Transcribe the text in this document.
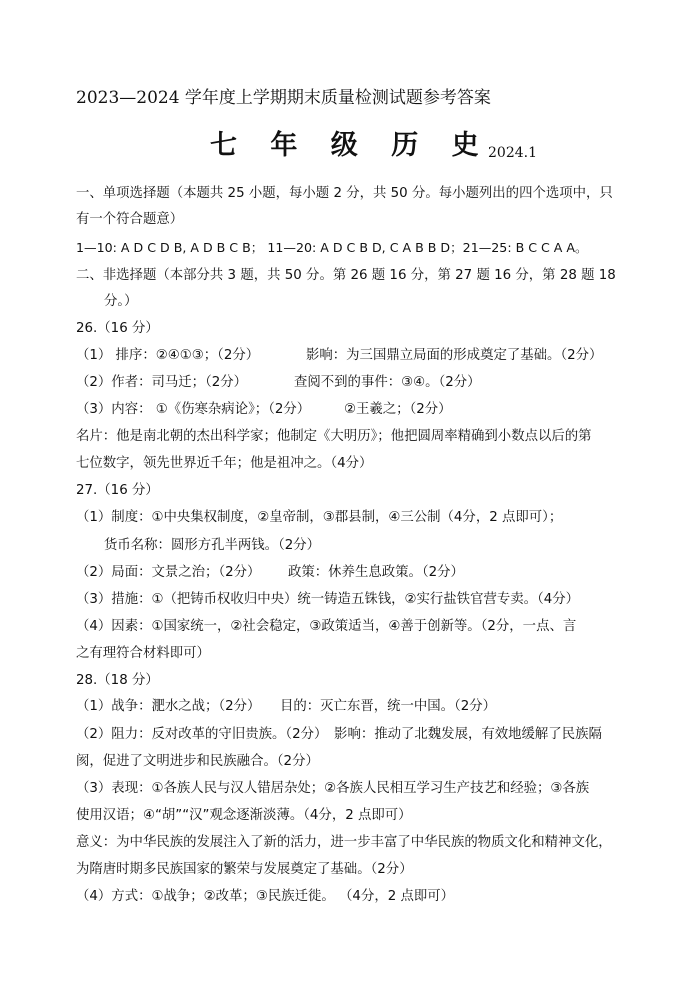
2023—2024 学年度上学期期末质量检测试题参考答案
七 年 级 历 史
2024.1
一、单项选择题（本题共 25 小题，每小题 2 分，共 50 分。每小题列出的四个选项中，只
有一个符合题意）
1—10: A D C D B, A D B C B； 11—20: A D C B D, C A B B D；21—25: B C C A A。
二、非选择题（本部分共 3 题，共 50 分。第 26 题 16 分，第 27 题 16 分，第 28 题 18
分。）
26.（16 分）
（1） 排序：②④①③；（2分）	影响：为三国鼎立局面的形成奠定了基础。（2分）
（2）作者：司马迁；（2分）	查阅不到的事件：③④。（2分）
（3）内容： ①《伤寒杂病论》；（2分）	②王羲之；（2分）
名片：他是南北朝的杰出科学家；他制定《大明历》；他把圆周率精确到小数点以后的第
七位数字，领先世界近千年；他是祖冲之。（4分）
27.（16 分）
（1）制度：①中央集权制度，②皇帝制，③郡县制，④三公制（4分，2 点即可）；
货币名称：圆形方孔半两钱。（2分）
（2）局面：文景之治；（2分） 政策：休养生息政策。（2分）
（3）措施：①（把铸币权收归中央）统一铸造五铢钱，②实行盐铁官营专卖。（4分）
（4）因素：①国家统一，②社会稳定，③政策适当，④善于创新等。（2分，一点、言
之有理符合材料即可）
28.（18 分）
（1）战争：淝水之战；（2分） 目的：灭亡东晋，统一中国。（2分）
（2）阻力：反对改革的守旧贵族。（2分）　影响：推动了北魏发展，有效地缓解了民族隔
阂，促进了文明进步和民族融合。（2分）
（3）表现：①各族人民与汉人错居杂处；②各族人民相互学习生产技艺和经验；③各族
使用汉语；④“胡”“汉”观念逐渐淡薄。（4分，2 点即可）
意义：为中华民族的发展注入了新的活力，进一步丰富了中华民族的物质文化和精神文化，
为隋唐时期多民族国家的繁荣与发展奠定了基础。（2分）
（4）方式：①战争；②改革；③民族迁徙。 （4分，2 点即可）
